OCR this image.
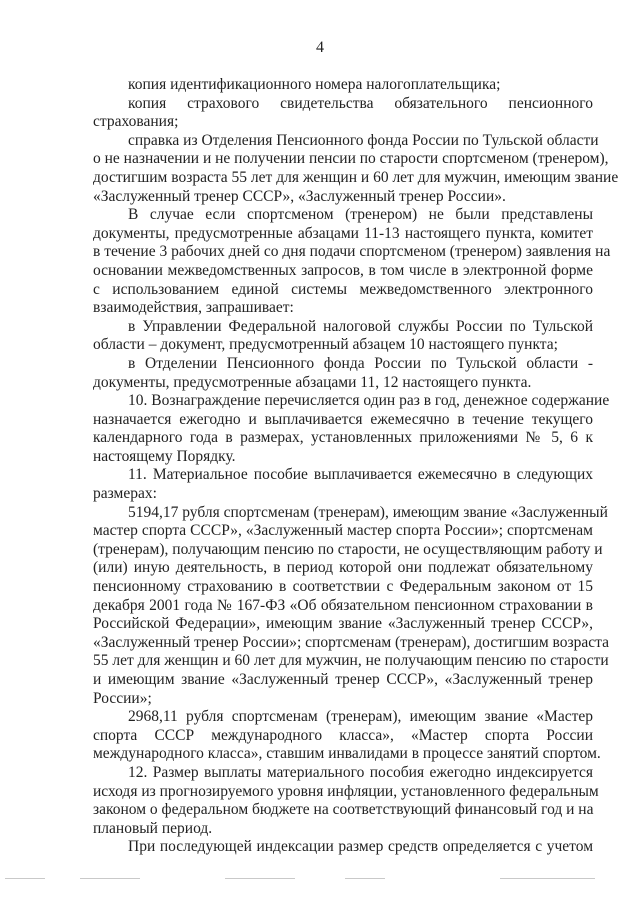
4
копия идентификационного номера налогоплательщика;
копия страхового свидетельства обязательного пенсионного
страхования;
справка из Отделения Пенсионного фонда России по Тульской области
о не назначении и не получении пенсии по старости спортсменом (тренером),
достигшим возраста 55 лет для женщин и 60 лет для мужчин, имеющим звание
«Заслуженный тренер СССР», «Заслуженный тренер России».
В случае если спортсменом (тренером) не были представлены
документы, предусмотренные абзацами 11-13 настоящего пункта, комитет
в течение 3 рабочих дней со дня подачи спортсменом (тренером) заявления на
основании межведомственных запросов, в том числе в электронной форме
с использованием единой системы межведомственного электронного
взаимодействия, запрашивает:
в Управлении Федеральной налоговой службы России по Тульской
области – документ, предусмотренный абзацем 10 настоящего пункта;
в Отделении Пенсионного фонда России по Тульской области -
документы, предусмотренные абзацами 11, 12 настоящего пункта.
10. Вознаграждение перечисляется один раз в год, денежное содержание
назначается ежегодно и выплачивается ежемесячно в течение текущего
календарного года в размерах, установленных приложениями № 5, 6 к
настоящему Порядку.
11. Материальное пособие выплачивается ежемесячно в следующих
размерах:
5194,17 рубля спортсменам (тренерам), имеющим звание «Заслуженный
мастер спорта СССР», «Заслуженный мастер спорта России»; спортсменам
(тренерам), получающим пенсию по старости, не осуществляющим работу и
(или) иную деятельность, в период которой они подлежат обязательному
пенсионному страхованию в соответствии с Федеральным законом от 15
декабря 2001 года № 167-ФЗ «Об обязательном пенсионном страховании в
Российской Федерации», имеющим звание «Заслуженный тренер СССР»,
«Заслуженный тренер России»; спортсменам (тренерам), достигшим возраста
55 лет для женщин и 60 лет для мужчин, не получающим пенсию по старости
и имеющим звание «Заслуженный тренер СССР», «Заслуженный тренер
России»;
2968,11 рубля спортсменам (тренерам), имеющим звание «Мастер
спорта СССР международного класса», «Мастер спорта России
международного класса», ставшим инвалидами в процессе занятий спортом.
12. Размер выплаты материального пособия ежегодно индексируется
исходя из прогнозируемого уровня инфляции, установленного федеральным
законом о федеральном бюджете на соответствующий финансовый год и на
плановый период.
При последующей индексации размер средств определяется с учетом
